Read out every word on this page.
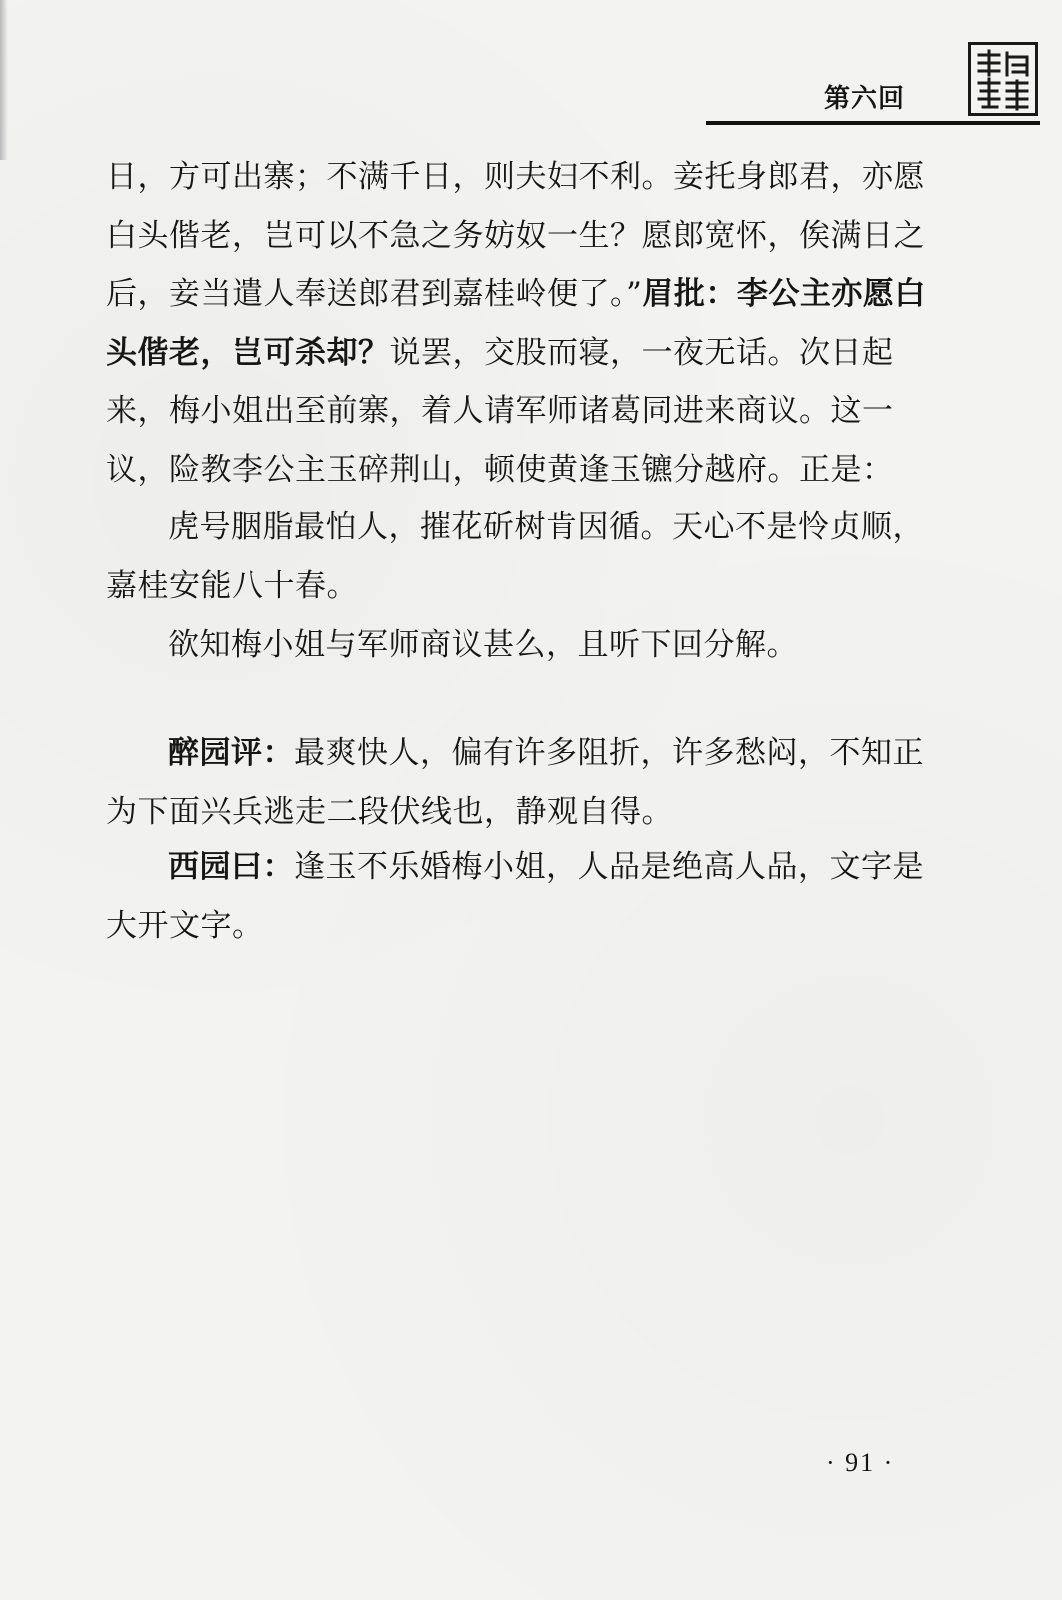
第六回
日，方可出寨；不满千日，则夫妇不利。妾托身郎君，亦愿白头偕老，岂可以不急之务妨奴一生？愿郎宽怀，俟满日之后，妾当遣人奉送郎君到嘉桂岭便了。”眉批：李公主亦愿白头偕老，岂可杀却？说罢，交股而寝，一夜无话。次日起来，梅小姐出至前寨，着人请军师诸葛同进来商议。这一议，险教李公主玉碎荆山，顿使黄逢玉镳分越府。正是：
虎号胭脂最怕人，摧花斫树肯因循。天心不是怜贞顺，嘉桂安能八十春。
欲知梅小姐与军师商议甚么，且听下回分解。
醉园评：最爽快人，偏有许多阻折，许多愁闷，不知正为下面兴兵逃走二段伏线也，静观自得。
西园曰：逢玉不乐婚梅小姐，人品是绝高人品，文字是大开文字。
· 91 ·
